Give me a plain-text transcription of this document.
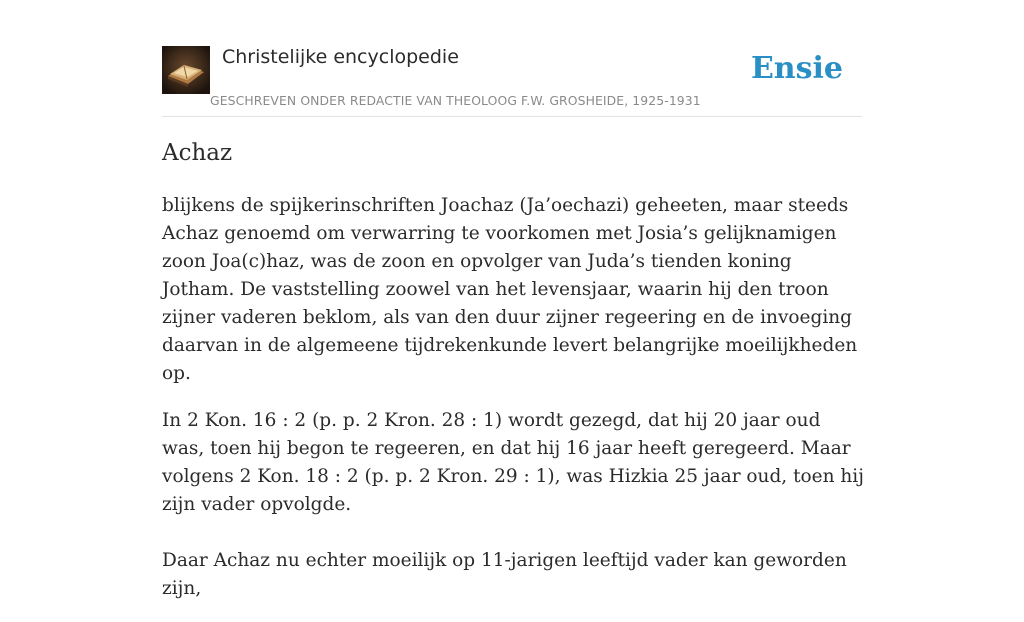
Christelijke encyclopedie
GESCHREVEN ONDER REDACTIE VAN THEOLOOG F.W. GROSHEIDE, 1925-1931
Ensie
Achaz

blijkens de spijkerinschriften Joachaz (Ja’oechazi) geheeten, maar steeds Achaz genoemd om verwarring te voorkomen met Josia’s gelijknamigen zoon Joa(c)haz, was de zoon en opvolger van Juda’s tienden koning Jotham. De vaststelling zoowel van het levensjaar, waarin hij den troon zijner vaderen beklom, als van den duur zijner regeering en de invoeging daarvan in de algemeene tijdrekenkunde levert belangrijke moeilijkheden op.

In 2 Kon. 16 : 2 (p. p. 2 Kron. 28 : 1) wordt gezegd, dat hij 20 jaar oud was, toen hij begon te regeeren, en dat hij 16 jaar heeft geregeerd. Maar volgens 2 Kon. 18 : 2 (p. p. 2 Kron. 29 : 1), was Hizkia 25 jaar oud, toen hij zijn vader opvolgde.

Daar Achaz nu echter moeilijk op 11-jarigen leeftijd vader kan geworden zijn,
